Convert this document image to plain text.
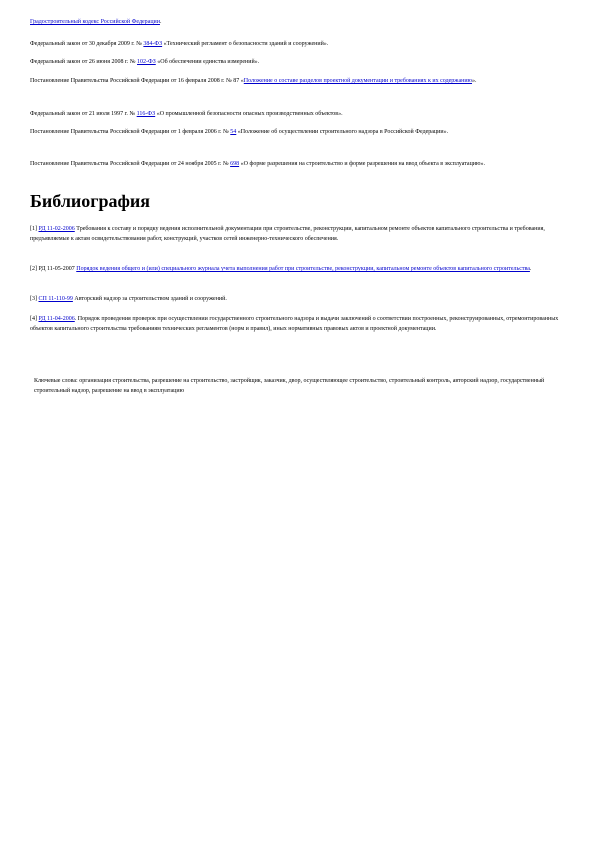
Градостроительный кодекс Российской Федерации.

Федеральный закон от 30 декабря 2009 г. № 384-ФЗ «Технический регламент о безопасности зданий и сооружений».

Федеральный закон от 26 июня 2008 г. № 102-ФЗ «Об обеспечении единства измерений».

Постановление Правительства Российской Федерации от 16 февраля 2008 г. № 87 «Положение о составе разделов проектной документации и требованиях к их содержанию».

Федеральный закон от 21 июля 1997 г. № 116-ФЗ «О промышленной безопасности опасных производственных объектов».

Постановление Правительства Российской Федерации от 1 февраля 2006 г. № 54 «Положение об осуществлении строительного надзора в Российской Федерации».

Постановление Правительства Российской Федерации от 24 ноября 2005 г. № 698 «О форме разрешения на строительство и форме разрешения на ввод объекта в эксплуатацию».

Библиография

[1] РД 11-02-2006 Требования к составу и порядку ведения исполнительной документации при строительстве, реконструкции, капитальном ремонте объектов капитального строительства и требования, предъявляемые к актам освидетельствования работ, конструкций, участков сетей инженерно-технического обеспечения.

[2] РД 11-05-2007 Порядок ведения общего и (или) специального журнала учета выполнения работ при строительстве, реконструкции, капитальном ремонте объектов капитального строительства.

[3] СП 11-110-99 Авторский надзор за строительством зданий и сооружений.

[4] РД 11-04-2006. Порядок проведения проверок при осуществлении государственного строительного надзора и выдачи заключений о соответствии построенных, реконструированных, отремонтированных объектов капитального строительства требованиям технических регламентов (норм и правил), иных нормативных правовых актов и проектной документации.

Ключевые слова: организация строительства, разрешение на строительство, застройщик, заказчик, двор, осуществляющее строительство, строительный контроль, авторский надзор, государственный строительный надзор, разрешение на ввод в эксплуатацию
